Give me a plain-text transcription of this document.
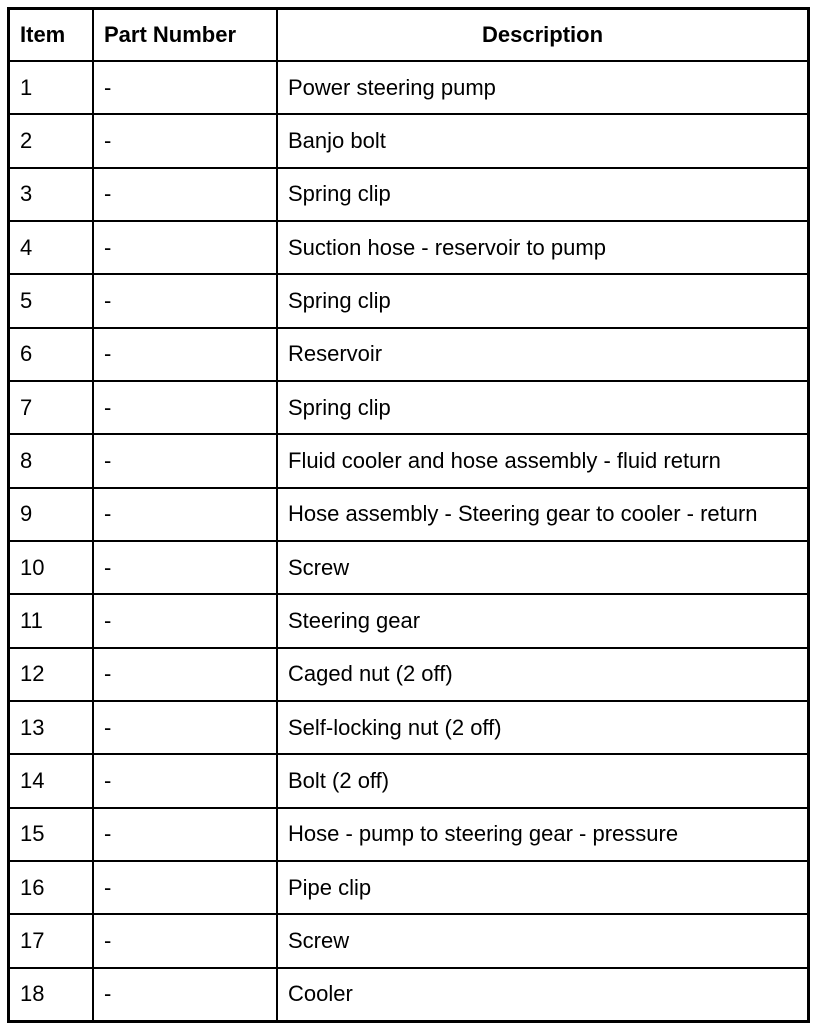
Item	Part Number	Description
1	-	Power steering pump
2	-	Banjo bolt
3	-	Spring clip
4	-	Suction hose - reservoir to pump
5	-	Spring clip
6	-	Reservoir
7	-	Spring clip
8	-	Fluid cooler and hose assembly - fluid return
9	-	Hose assembly - Steering gear to cooler - return
10	-	Screw
11	-	Steering gear
12	-	Caged nut (2 off)
13	-	Self-locking nut (2 off)
14	-	Bolt (2 off)
15	-	Hose - pump to steering gear - pressure
16	-	Pipe clip
17	-	Screw
18	-	Cooler
